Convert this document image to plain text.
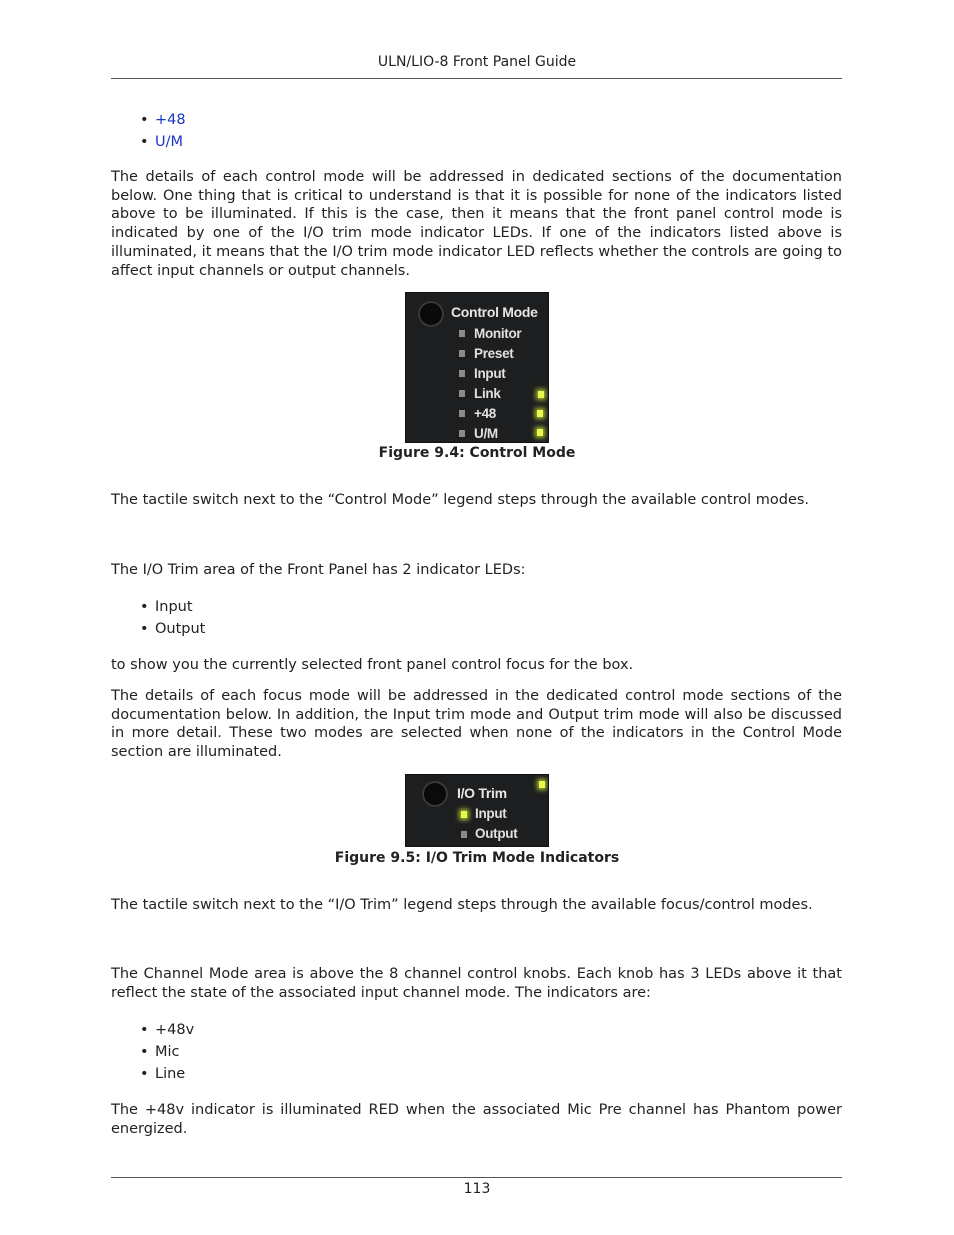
ULN/LIO-8 Front Panel Guide
• +48
• U/M

The details of each control mode will be addressed in dedicated sections of the documentation below. One thing that is critical to understand is that it is possible for none of the indicators listed above to be illuminated. If this is the case, then it means that the front panel control mode is indicated by one of the I/O trim mode indicator LEDs. If one of the indicators listed above is illuminated, it means that the I/O trim mode indicator LED reflects whether the controls are going to affect input channels or output channels.

Control Mode
Monitor
Preset
Input
Link
+48
U/M
Figure 9.4: Control Mode

The tactile switch next to the “Control Mode” legend steps through the available control modes.

The I/O Trim area of the Front Panel has 2 indicator LEDs:

• Input
• Output

to show you the currently selected front panel control focus for the box.

The details of each focus mode will be addressed in the dedicated control mode sections of the documentation below. In addition, the Input trim mode and Output trim mode will also be discussed in more detail. These two modes are selected when none of the indicators in the Control Mode section are illuminated.

I/O Trim
Input
Output
Figure 9.5: I/O Trim Mode Indicators

The tactile switch next to the “I/O Trim” legend steps through the available focus/control modes.

The Channel Mode area is above the 8 channel control knobs. Each knob has 3 LEDs above it that reflect the state of the associated input channel mode. The indicators are:

• +48v
• Mic
• Line

The +48v indicator is illuminated RED when the associated Mic Pre channel has Phantom power energized.

113
